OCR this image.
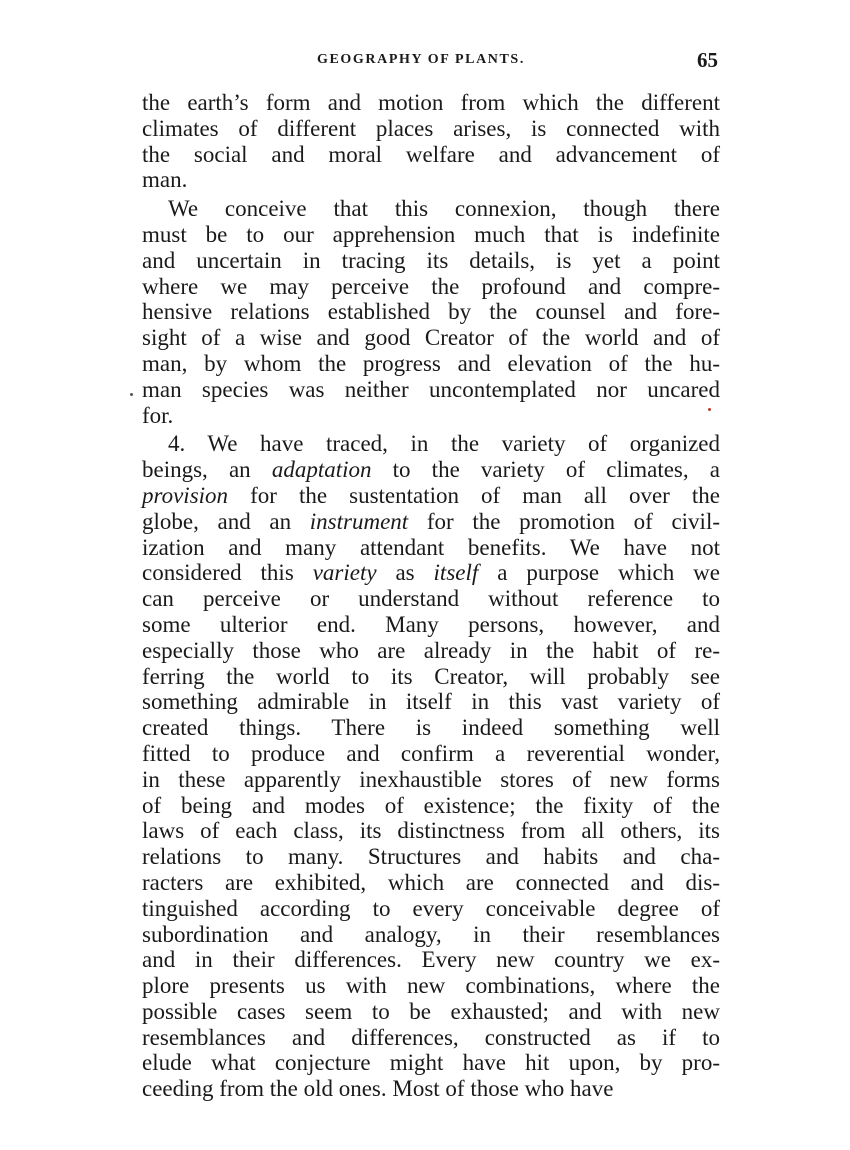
GEOGRAPHY OF PLANTS.	65
the earth’s form and motion from which the different
climates of different places arises, is connected with
the social and moral welfare and advancement of
man.
We conceive that this connexion, though there
must be to our apprehension much that is indefinite
and uncertain in tracing its details, is yet a point
where we may perceive the profound and compre-
hensive relations established by the counsel and fore-
sight of a wise and good Creator of the world and of
man, by whom the progress and elevation of the hu-
man species was neither uncontemplated nor uncared
for.
4. We have traced, in the variety of organized
beings, an adaptation to the variety of climates, a
provision for the sustentation of man all over the
globe, and an instrument for the promotion of civil-
ization and many attendant benefits. We have not
considered this variety as itself a purpose which we
can perceive or understand without reference to
some ulterior end. Many persons, however, and
especially those who are already in the habit of re-
ferring the world to its Creator, will probably see
something admirable in itself in this vast variety of
created things. There is indeed something well
fitted to produce and confirm a reverential wonder,
in these apparently inexhaustible stores of new forms
of being and modes of existence; the fixity of the
laws of each class, its distinctness from all others, its
relations to many. Structures and habits and cha-
racters are exhibited, which are connected and dis-
tinguished according to every conceivable degree of
subordination and analogy, in their resemblances
and in their differences. Every new country we ex-
plore presents us with new combinations, where the
possible cases seem to be exhausted; and with new
resemblances and differences, constructed as if to
elude what conjecture might have hit upon, by pro-
ceeding from the old ones. Most of those who have
